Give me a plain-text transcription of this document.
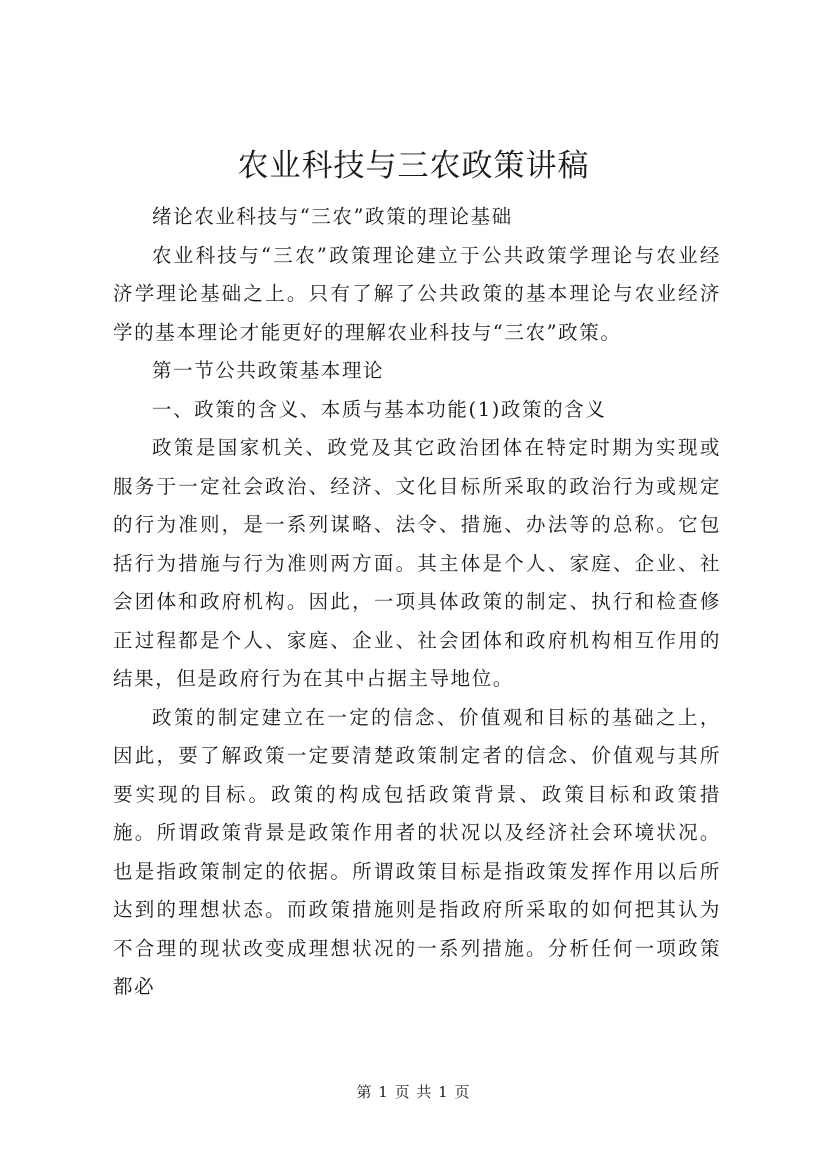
农业科技与三农政策讲稿

绪论农业科技与“三农”政策的理论基础

农业科技与“三农”政策理论建立于公共政策学理论与农业经济学理论基础之上。只有了解了公共政策的基本理论与农业经济学的基本理论才能更好的理解农业科技与“三农”政策。

第一节公共政策基本理论

一、政策的含义、本质与基本功能(1)政策的含义

政策是国家机关、政党及其它政治团体在特定时期为实现或服务于一定社会政治、经济、文化目标所采取的政治行为或规定的行为准则，是一系列谋略、法令、措施、办法等的总称。它包括行为措施与行为准则两方面。其主体是个人、家庭、企业、社会团体和政府机构。因此，一项具体政策的制定、执行和检查修正过程都是个人、家庭、企业、社会团体和政府机构相互作用的结果，但是政府行为在其中占据主导地位。

政策的制定建立在一定的信念、价值观和目标的基础之上，因此，要了解政策一定要清楚政策制定者的信念、价值观与其所要实现的目标。政策的构成包括政策背景、政策目标和政策措施。所谓政策背景是政策作用者的状况以及经济社会环境状况。也是指政策制定的依据。所谓政策目标是指政策发挥作用以后所达到的理想状态。而政策措施则是指政府所采取的如何把其认为不合理的现状改变成理想状况的一系列措施。分析任何一项政策都必

第 1 页 共 1 页
